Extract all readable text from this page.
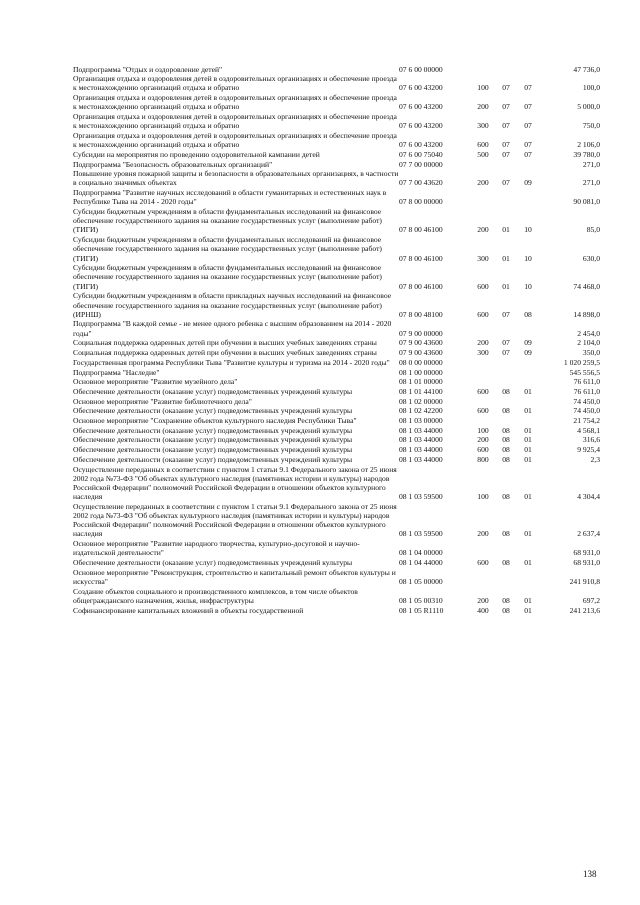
Подпрограмма "Отдых и оздоровление детей"	07 6 00 00000				47 736,0
Организация отдыха и оздоровления детей в оздоровительных организациях и обеспечение проезда к местонахождению организаций отдыха и обратно	07 6 00 43200	100	07	07	100,0
Организация отдыха и оздоровления детей в оздоровительных организациях и обеспечение проезда к местонахождению организаций отдыха и обратно	07 6 00 43200	200	07	07	5 000,0
Организация отдыха и оздоровления детей в оздоровительных организациях и обеспечение проезда к местонахождению организаций отдыха и обратно	07 6 00 43200	300	07	07	750,0
Организация отдыха и оздоровления детей в оздоровительных организациях и обеспечение проезда к местонахождению организаций отдыха и обратно	07 6 00 43200	600	07	07	2 106,0
Субсидии на мероприятия по проведению оздоровительной кампании детей	07 6 00 75040	500	07	07	39 780,0
Подпрограмма "Безопасность образовательных организаций"	07 7 00 00000				271,0
Повышение уровня пожарной защиты и безопасности в образовательных организациях, в частности в социально значимых объектах	07 7 00 43620	200	07	09	271,0
Подпрограмма "Развитие научных исследований в области гуманитарных и естественных наук в Республике Тыва на 2014 - 2020 годы"	07 8 00 00000				90 081,0
Субсидии бюджетным учреждениям в области фундаментальных исследований на финансовое обеспечение государственного задания на оказание государственных услуг (выполнение работ) (ТИГИ)	07 8 00 46100	200	01	10	85,0
Субсидии бюджетным учреждениям в области фундаментальных исследований на финансовое обеспечение государственного задания на оказание государственных услуг (выполнение работ) (ТИГИ)	07 8 00 46100	300	01	10	630,0
Субсидии бюджетным учреждениям в области фундаментальных исследований на финансовое обеспечение государственного задания на оказание государственных услуг (выполнение работ) (ТИГИ)	07 8 00 46100	600	01	10	74 468,0
Субсидии бюджетным учреждениям в области прикладных научных исследований на финансовое обеспечение государственного задания на оказание государственных услуг (выполнение работ) (ИРНШ)	07 8 00 48100	600	07	08	14 898,0
Подпрограмма "В каждой семье - не менее одного ребенка с высшим образованием на 2014 - 2020 годы"	07 9 00 00000				2 454,0
Социальная поддержка одаренных детей при обучении в высших учебных заведениях страны	07 9 00 43600	200	07	09	2 104,0
Социальная поддержка одаренных детей при обучении в высших учебных заведениях страны	07 9 00 43600	300	07	09	350,0
Государственная программа Республики Тыва "Развитие культуры и туризма на 2014 - 2020 годы"	08 0 00 00000				1 020 259,5
Подпрограмма "Наследие"	08 1 00 00000				545 556,5
Основное мероприятие "Развитие музейного дела"	08 1 01 00000				76 611,0
Обеспечение деятельности (оказание услуг) подведомственных учреждений культуры	08 1 01 44100	600	08	01	76 611,0
Основное мероприятие "Развитие библиотечного дела"	08 1 02 00000				74 450,0
Обеспечение деятельности (оказание услуг) подведомственных учреждений культуры	08 1 02 42200	600	08	01	74 450,0
Основное мероприятие "Сохранение объектов культурного наследия Республики Тыва"	08 1 03 00000				21 754,2
Обеспечение деятельности (оказание услуг) подведомственных учреждений культуры	08 1 03 44000	100	08	01	4 568,1
Обеспечение деятельности (оказание услуг) подведомственных учреждений культуры	08 1 03 44000	200	08	01	316,6
Обеспечение деятельности (оказание услуг) подведомственных учреждений культуры	08 1 03 44000	600	08	01	9 925,4
Обеспечение деятельности (оказание услуг) подведомственных учреждений культуры	08 1 03 44000	800	08	01	2,3
Осуществление переданных в соответствии с пунктом 1 статьи 9.1 Федерального закона от 25 июня 2002 года №73-ФЗ "Об объектах культурного наследия (памятниках истории и культуры) народов Российской Федерации" полномочий Российской Федерации в отношении объектов культурного наследия	08 1 03 59500	100	08	01	4 304,4
Осуществление переданных в соответствии с пунктом 1 статьи 9.1 Федерального закона от 25 июня 2002 года №73-ФЗ "Об объектах культурного наследия (памятниках истории и культуры) народов Российской Федерации" полномочий Российской Федерации в отношении объектов культурного наследия	08 1 03 59500	200	08	01	2 637,4
Основное мероприятие "Развитие народного творчества, культурно-досуговой и научно-издательской деятельности"	08 1 04 00000				68 931,0
Обеспечение деятельности (оказание услуг) подведомственных учреждений культуры	08 1 04 44000	600	08	01	68 931,0
Основное мероприятие "Реконструкция, строительство и капитальный ремонт объектов культуры и искусства"	08 1 05 00000				241 910,8
Создание объектов социального и производственного комплексов, в том числе объектов общегражданского назначения, жилья, инфраструктуры	08 1 05 00310	200	08	01	697,2
Софинансирование капитальных вложений в объекты государственной	08 1 05 R1110	400	08	01	241 213,6
138
